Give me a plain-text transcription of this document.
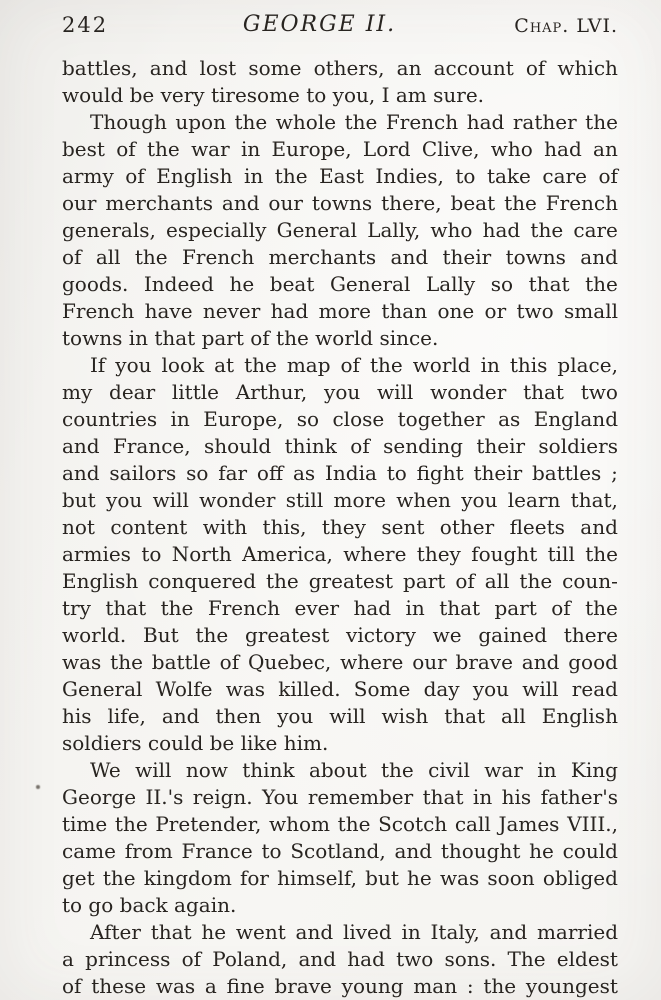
242	GEORGE II.	Chap. LVI.
battles, and lost some others, an account of which
would be very tiresome to you, I am sure.
Though upon the whole the French had rather the
best of the war in Europe, Lord Clive, who had an
army of English in the East Indies, to take care of
our merchants and our towns there, beat the French
generals, especially General Lally, who had the care
of all the French merchants and their towns and
goods. Indeed he beat General Lally so that the
French have never had more than one or two small
towns in that part of the world since.
If you look at the map of the world in this place,
my dear little Arthur, you will wonder that two
countries in Europe, so close together as England
and France, should think of sending their soldiers
and sailors so far off as India to fight their battles ;
but you will wonder still more when you learn that,
not content with this, they sent other fleets and
armies to North America, where they fought till the
English conquered the greatest part of all the coun-
try that the French ever had in that part of the
world. But the greatest victory we gained there
was the battle of Quebec, where our brave and good
General Wolfe was killed. Some day you will read
his life, and then you will wish that all English
soldiers could be like him.
We will now think about the civil war in King
George II.'s reign. You remember that in his father's
time the Pretender, whom the Scotch call James VIII.,
came from France to Scotland, and thought he could
get the kingdom for himself, but he was soon obliged
to go back again.
After that he went and lived in Italy, and married
a princess of Poland, and had two sons. The eldest
of these was a fine brave young man : the youngest
